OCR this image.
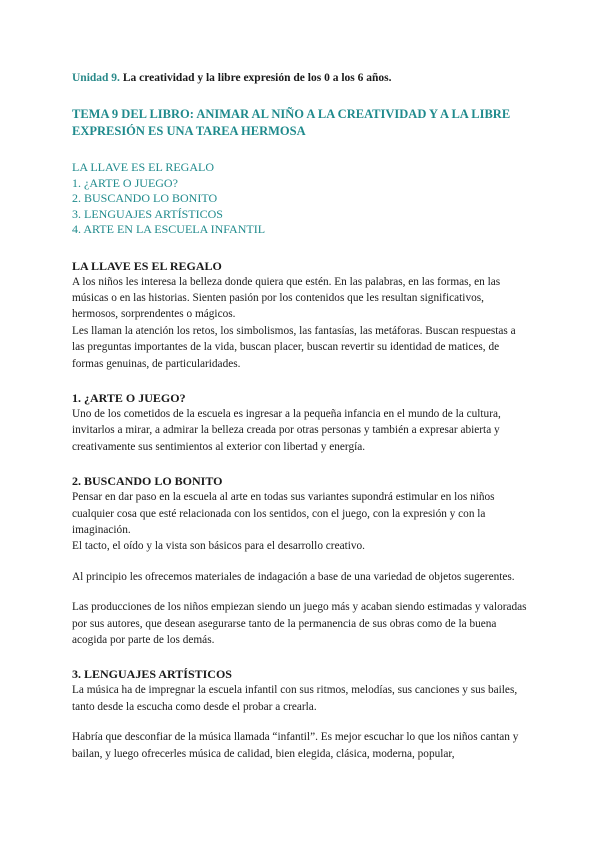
Unidad 9. La creatividad y la libre expresión de los 0 a los 6 años.

TEMA 9 DEL LIBRO: ANIMAR AL NIÑO A LA CREATIVIDAD Y A LA LIBRE EXPRESIÓN ES UNA TAREA HERMOSA

LA LLAVE ES EL REGALO
1. ¿ARTE O JUEGO?
2. BUSCANDO LO BONITO
3. LENGUAJES ARTÍSTICOS
4. ARTE EN LA ESCUELA INFANTIL

LA LLAVE ES EL REGALO

A los niños les interesa la belleza donde quiera que estén. En las palabras, en las formas, en las músicas o en las historias. Sienten pasión por los contenidos que les resultan significativos, hermosos, sorprendentes o mágicos.

Les llaman la atención los retos, los simbolismos, las fantasías, las metáforas. Buscan respuestas a las preguntas importantes de la vida, buscan placer, buscan revertir su identidad de matices, de formas genuinas, de particularidades.

1. ¿ARTE O JUEGO?

Uno de los cometidos de la escuela es ingresar a la pequeña infancia en el mundo de la cultura, invitarlos a mirar, a admirar la belleza creada por otras personas y también a expresar abierta y creativamente sus sentimientos al exterior con libertad y energía.

2. BUSCANDO LO BONITO

Pensar en dar paso en la escuela al arte en todas sus variantes supondrá estimular en los niños cualquier cosa que esté relacionada con los sentidos, con el juego, con la expresión y con la imaginación.

El tacto, el oído y la vista son básicos para el desarrollo creativo.

Al principio les ofrecemos materiales de indagación a base de una variedad de objetos sugerentes.

Las producciones de los niños empiezan siendo un juego más y acaban siendo estimadas y valoradas por sus autores, que desean asegurarse tanto de la permanencia de sus obras como de la buena acogida por parte de los demás.

3. LENGUAJES ARTÍSTICOS

La música ha de impregnar la escuela infantil con sus ritmos, melodías, sus canciones y sus bailes, tanto desde la escucha como desde el probar a crearla.

Habría que desconfiar de la música llamada “infantil”. Es mejor escuchar lo que los niños cantan y bailan, y luego ofrecerles música de calidad, bien elegida, clásica, moderna, popular,
